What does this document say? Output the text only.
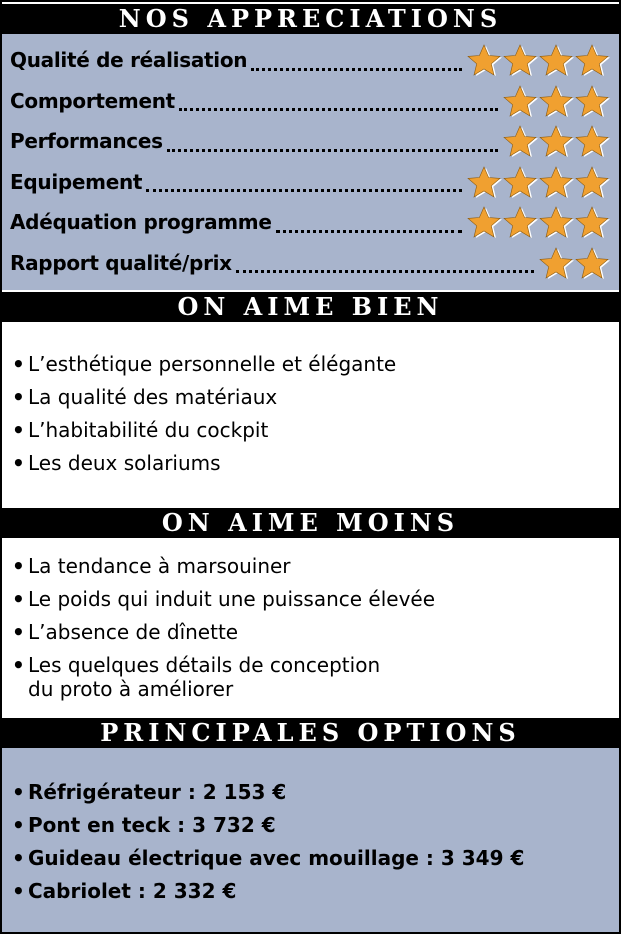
NOS APPRECIATIONS
Qualité de réalisation
Comportement
Performances
Equipement
Adéquation programme
Rapport qualité/prix
ON AIME BIEN
• L’esthétique personnelle et élégante
• La qualité des matériaux
• L’habitabilité du cockpit
• Les deux solariums
ON AIME MOINS
• La tendance à marsouiner
• Le poids qui induit une puissance élevée
• L’absence de dînette
• Les quelques détails de conception
du proto à améliorer
PRINCIPALES OPTIONS
• Réfrigérateur : 2 153 €
• Pont en teck : 3 732 €
• Guideau électrique avec mouillage : 3 349 €
• Cabriolet : 2 332 €
